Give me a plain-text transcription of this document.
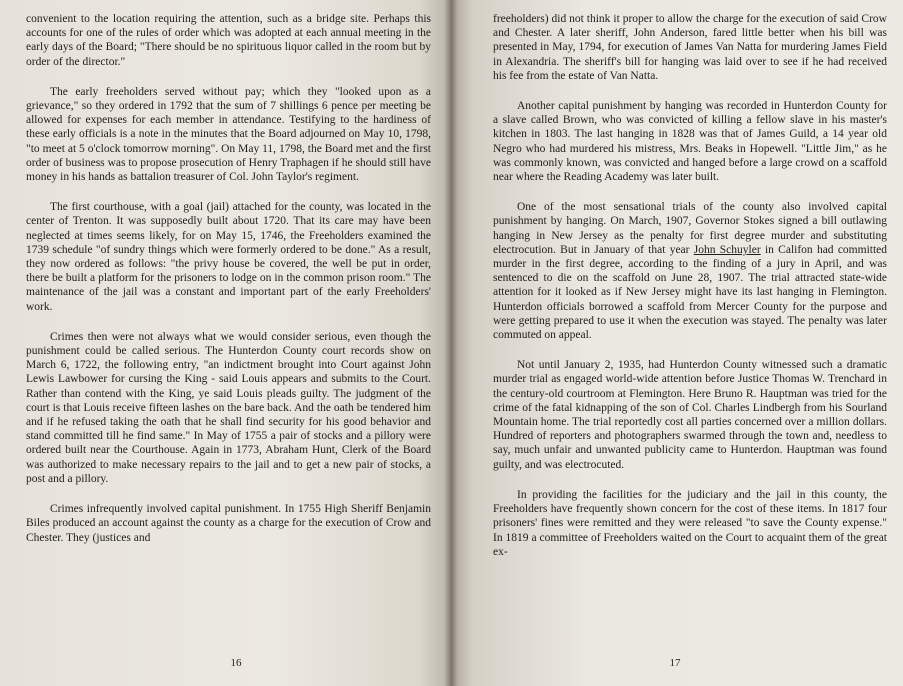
convenient to the location requiring the attention, such as a bridge site. Perhaps this accounts for one of the rules of order which was adopted at each annual meeting in the early days of the Board; "There should be no spirituous liquor called in the room but by order of the director."

The early freeholders served without pay; which they "looked upon as a grievance," so they ordered in 1792 that the sum of 7 shillings 6 pence per meeting be allowed for expenses for each member in attendance. Testifying to the hardiness of these early officials is a note in the minutes that the Board adjourned on May 10, 1798, "to meet at 5 o'clock tomorrow morning". On May 11, 1798, the Board met and the first order of business was to propose prosecution of Henry Traphagen if he should still have money in his hands as battalion treasurer of Col. John Taylor's regiment.

The first courthouse, with a goal (jail) attached for the county, was located in the center of Trenton. It was supposedly built about 1720. That its care may have been neglected at times seems likely, for on May 15, 1746, the Freeholders examined the 1739 schedule "of sundry things which were formerly ordered to be done." As a result, they now ordered as follows: "the privy house be covered, the well be put in order, there be built a platform for the prisoners to lodge on in the common prison room." The maintenance of the jail was a constant and important part of the early Freeholders' work.

Crimes then were not always what we would consider serious, even though the punishment could be called serious. The Hunterdon County court records show on March 6, 1722, the following entry, "an indictment brought into Court against John Lewis Lawbower for cursing the King - said Louis appears and submits to the Court. Rather than contend with the King, ye said Louis pleads guilty. The judgment of the court is that Louis receive fifteen lashes on the bare back. And the oath be tendered him and if he refused taking the oath that he shall find security for his good behavior and stand committed till he find same." In May of 1755 a pair of stocks and a pillory were ordered built near the Courthouse. Again in 1773, Abraham Hunt, Clerk of the Board was authorized to make necessary repairs to the jail and to get a new pair of stocks, a post and a pillory.

Crimes infrequently involved capital punishment. In 1755 High Sheriff Benjamin Biles produced an account against the county as a charge for the execution of Crow and Chester. They (justices and

16

freeholders) did not think it proper to allow the charge for the execution of said Crow and Chester. A later sheriff, John Anderson, fared little better when his bill was presented in May, 1794, for execution of James Van Natta for murdering James Field in Alexandria. The sheriff's bill for hanging was laid over to see if he had received his fee from the estate of Van Natta.

Another capital punishment by hanging was recorded in Hunterdon County for a slave called Brown, who was convicted of killing a fellow slave in his master's kitchen in 1803. The last hanging in 1828 was that of James Guild, a 14 year old Negro who had murdered his mistress, Mrs. Beaks in Hopewell. "Little Jim," as he was commonly known, was convicted and hanged before a large crowd on a scaffold near where the Reading Academy was later built.

One of the most sensational trials of the county also involved capital punishment by hanging. On March, 1907, Governor Stokes signed a bill outlawing hanging in New Jersey as the penalty for first degree murder and substituting electrocution. But in January of that year John Schuyler in Califon had committed murder in the first degree, according to the finding of a jury in April, and was sentenced to die on the scaffold on June 28, 1907. The trial attracted state-wide attention for it looked as if New Jersey might have its last hanging in Flemington. Hunterdon officials borrowed a scaffold from Mercer County for the purpose and were getting prepared to use it when the execution was stayed. The penalty was later commuted on appeal.

Not until January 2, 1935, had Hunterdon County witnessed such a dramatic murder trial as engaged world-wide attention before Justice Thomas W. Trenchard in the century-old courtroom at Flemington. Here Bruno R. Hauptman was tried for the crime of the fatal kidnapping of the son of Col. Charles Lindbergh from his Sourland Mountain home. The trial reportedly cost all parties concerned over a million dollars. Hundred of reporters and photographers swarmed through the town and, needless to say, much unfair and unwanted publicity came to Hunterdon. Hauptman was found guilty, and was electrocuted.

In providing the facilities for the judiciary and the jail in this county, the Freeholders have frequently shown concern for the cost of these items. In 1817 four prisoners' fines were remitted and they were released "to save the County expense." In 1819 a committee of Freeholders waited on the Court to acquaint them of the great ex-

17
